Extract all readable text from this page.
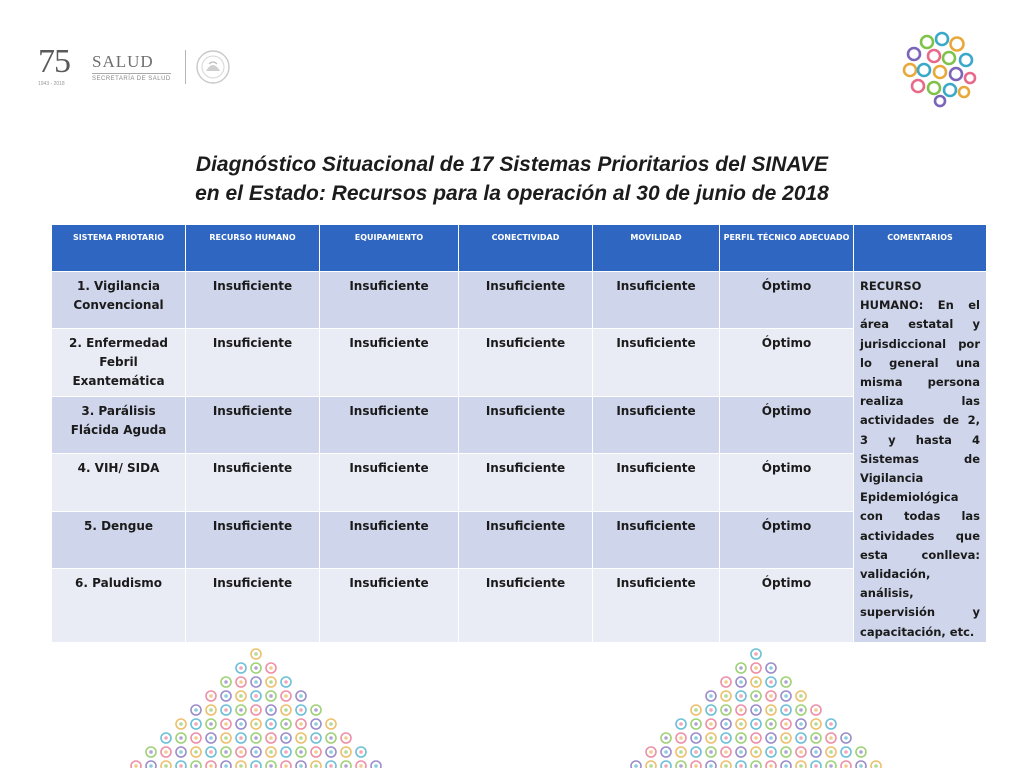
75
1943 - 2018
SALUD
SECRETARÍA DE SALUD
Diagnóstico Situacional de 17 Sistemas Prioritarios del SINAVE
en el Estado: Recursos para la operación al 30 de junio de 2018
SISTEMA PRIOTARIO	RECURSO HUMANO	EQUIPAMIENTO	CONECTIVIDAD	MOVILIDAD	PERFIL TÉCNICO ADECUADO	COMENTARIOS
1. Vigilancia Convencional	Insuficiente	Insuficiente	Insuficiente	Insuficiente	Óptimo	RECURSO HUMANO: En el área estatal y jurisdiccional por lo general una misma persona realiza las actividades de 2, 3 y hasta 4 Sistemas de Vigilancia Epidemiológica con todas las actividades que esta conlleva: validación, análisis, supervisión y capacitación, etc.
2. Enfermedad Febril Exantemática	Insuficiente	Insuficiente	Insuficiente	Insuficiente	Óptimo	
3. Parálisis Flácida Aguda	Insuficiente	Insuficiente	Insuficiente	Insuficiente	Óptimo	
4. VIH/ SIDA	Insuficiente	Insuficiente	Insuficiente	Insuficiente	Óptimo	
5. Dengue	Insuficiente	Insuficiente	Insuficiente	Insuficiente	Óptimo	
6. Paludismo	Insuficiente	Insuficiente	Insuficiente	Insuficiente	Óptimo	
